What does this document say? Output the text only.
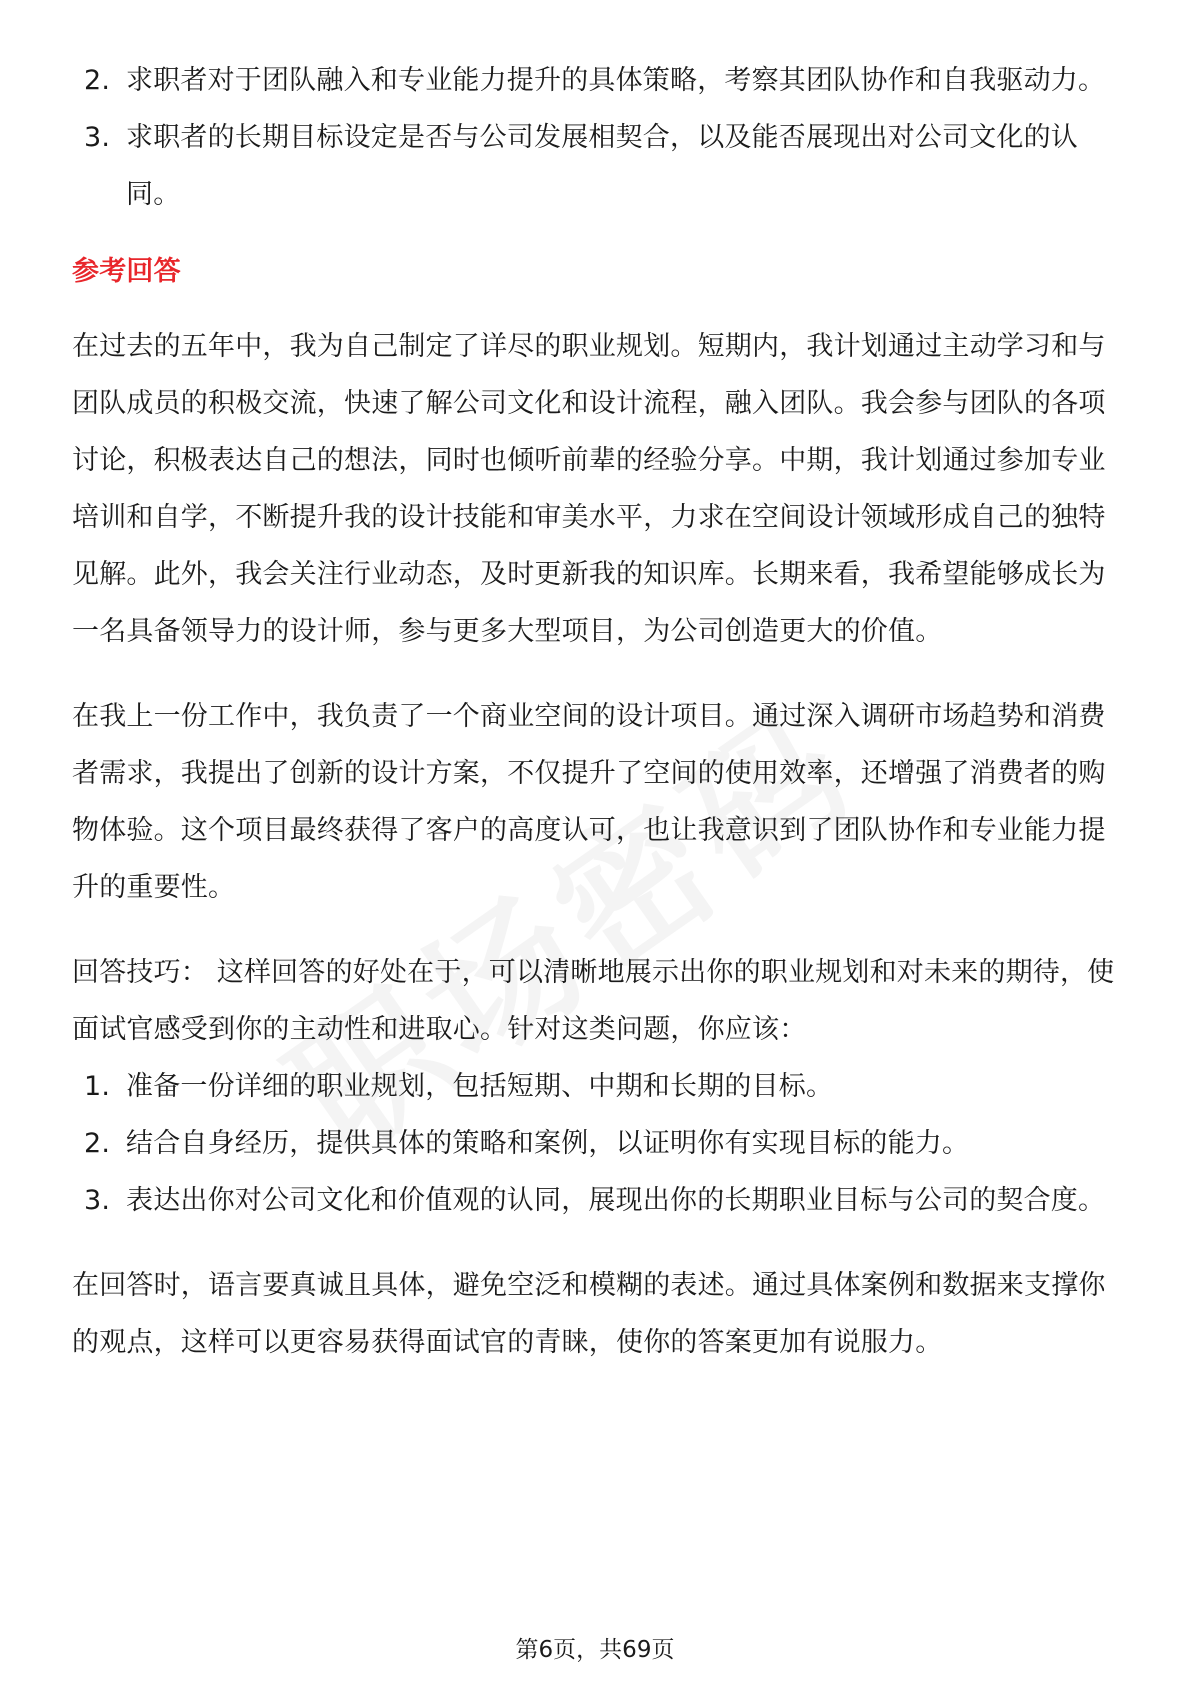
2. 求职者对于团队融入和专业能力提升的具体策略，考察其团队协作和自我驱动力。
3. 求职者的长期目标设定是否与公司发展相契合，以及能否展现出对公司文化的认同。
参考回答

在过去的五年中，我为自己制定了详尽的职业规划。短期内，我计划通过主动学习和与团队成员的积极交流，快速了解公司文化和设计流程，融入团队。我会参与团队的各项讨论，积极表达自己的想法，同时也倾听前辈的经验分享。中期，我计划通过参加专业培训和自学，不断提升我的设计技能和审美水平，力求在空间设计领域形成自己的独特见解。此外，我会关注行业动态，及时更新我的知识库。长期来看，我希望能够成长为一名具备领导力的设计师，参与更多大型项目，为公司创造更大的价值。

在我上一份工作中，我负责了一个商业空间的设计项目。通过深入调研市场趋势和消费者需求，我提出了创新的设计方案，不仅提升了空间的使用效率，还增强了消费者的购物体验。这个项目最终获得了客户的高度认可，也让我意识到了团队协作和专业能力提升的重要性。

回答技巧： 这样回答的好处在于，可以清晰地展示出你的职业规划和对未来的期待，使面试官感受到你的主动性和进取心。针对这类问题，你应该：

1. 准备一份详细的职业规划，包括短期、中期和长期的目标。
2. 结合自身经历，提供具体的策略和案例，以证明你有实现目标的能力。
3. 表达出你对公司文化和价值观的认同，展现出你的长期职业目标与公司的契合度。

在回答时，语言要真诚且具体，避免空泛和模糊的表述。通过具体案例和数据来支撑你的观点，这样可以更容易获得面试官的青睐，使你的答案更加有说服力。

第6页，共69页
